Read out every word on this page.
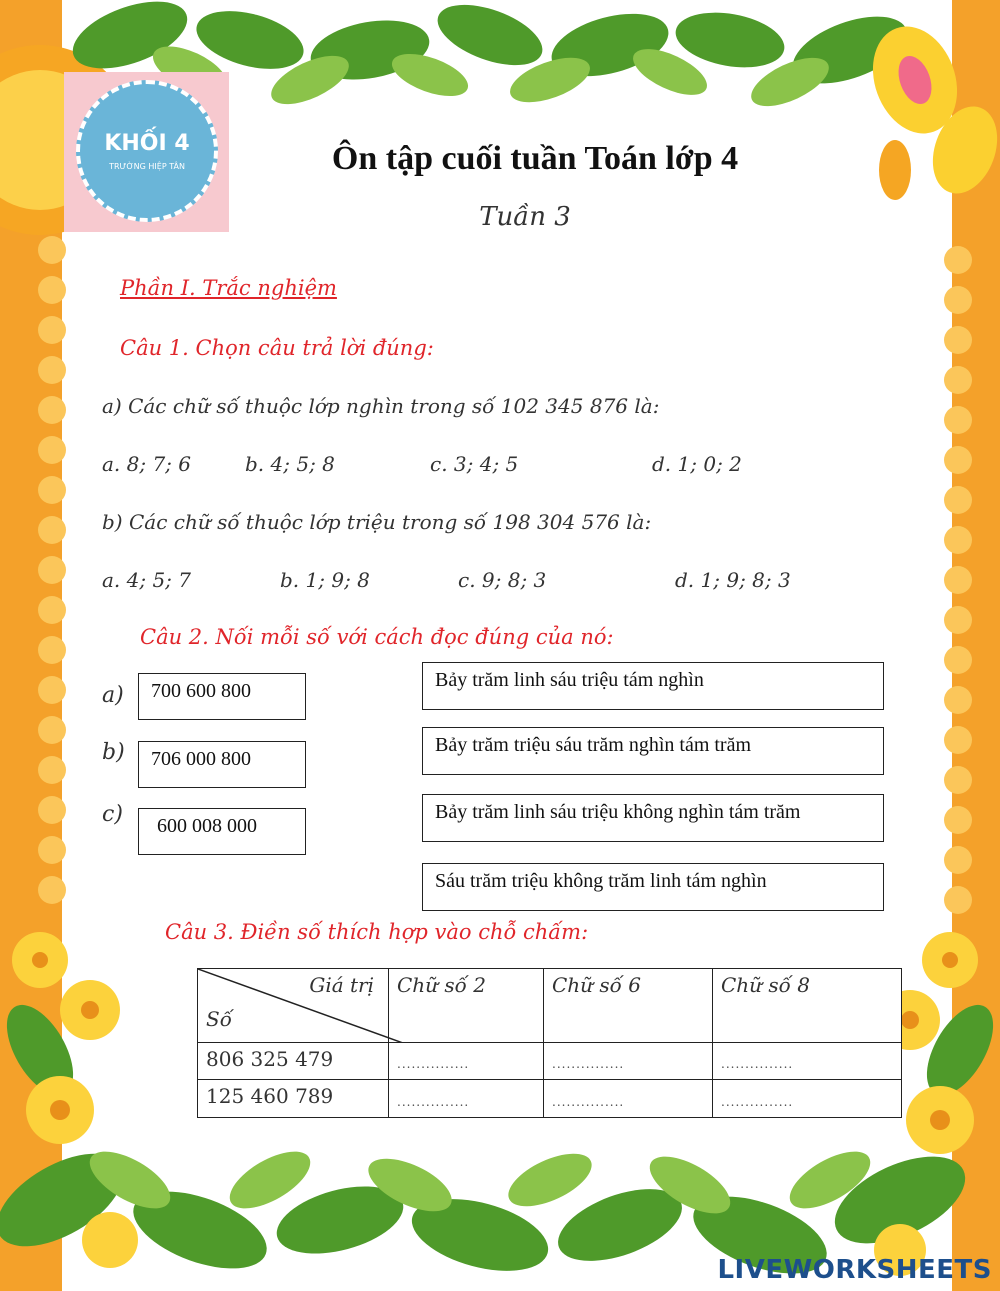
KHỐI 4
TRƯỜNG HIỆP TÂN	Ôn tập cuối tuần Toán lớp 4
Tuần 3
Phần I. Trắc nghiệm
Câu 1. Chọn câu trả lời đúng:
a) Các chữ số thuộc lớp nghìn trong số 102 345 876 là:
a. 8; 7; 6	b. 4; 5; 8	c. 3; 4; 5	d. 1; 0; 2
b) Các chữ số thuộc lớp triệu trong số 198 304 576 là:
a. 4; 5; 7	b. 1; 9; 8	c. 9; 8; 3	d. 1; 9; 8; 3
Câu 2. Nối mỗi số với cách đọc đúng của nó:
a)
b)
c)
700 600 800
706 000 800
600 008 000
Bảy trăm linh sáu triệu tám nghìn
Bảy trăm triệu sáu trăm nghìn tám trăm
Bảy trăm linh sáu triệu không nghìn tám trăm
Sáu trăm triệu không trăm linh tám nghìn
Câu 3. Điền số thích hợp vào chỗ chấm:
Giá trị
Số	Chữ số 2	Chữ số 6	Chữ số 8
806 325 479	...............	...............	...............
125 460 789	...............	...............	...............
LIVEWORKSHEETS
